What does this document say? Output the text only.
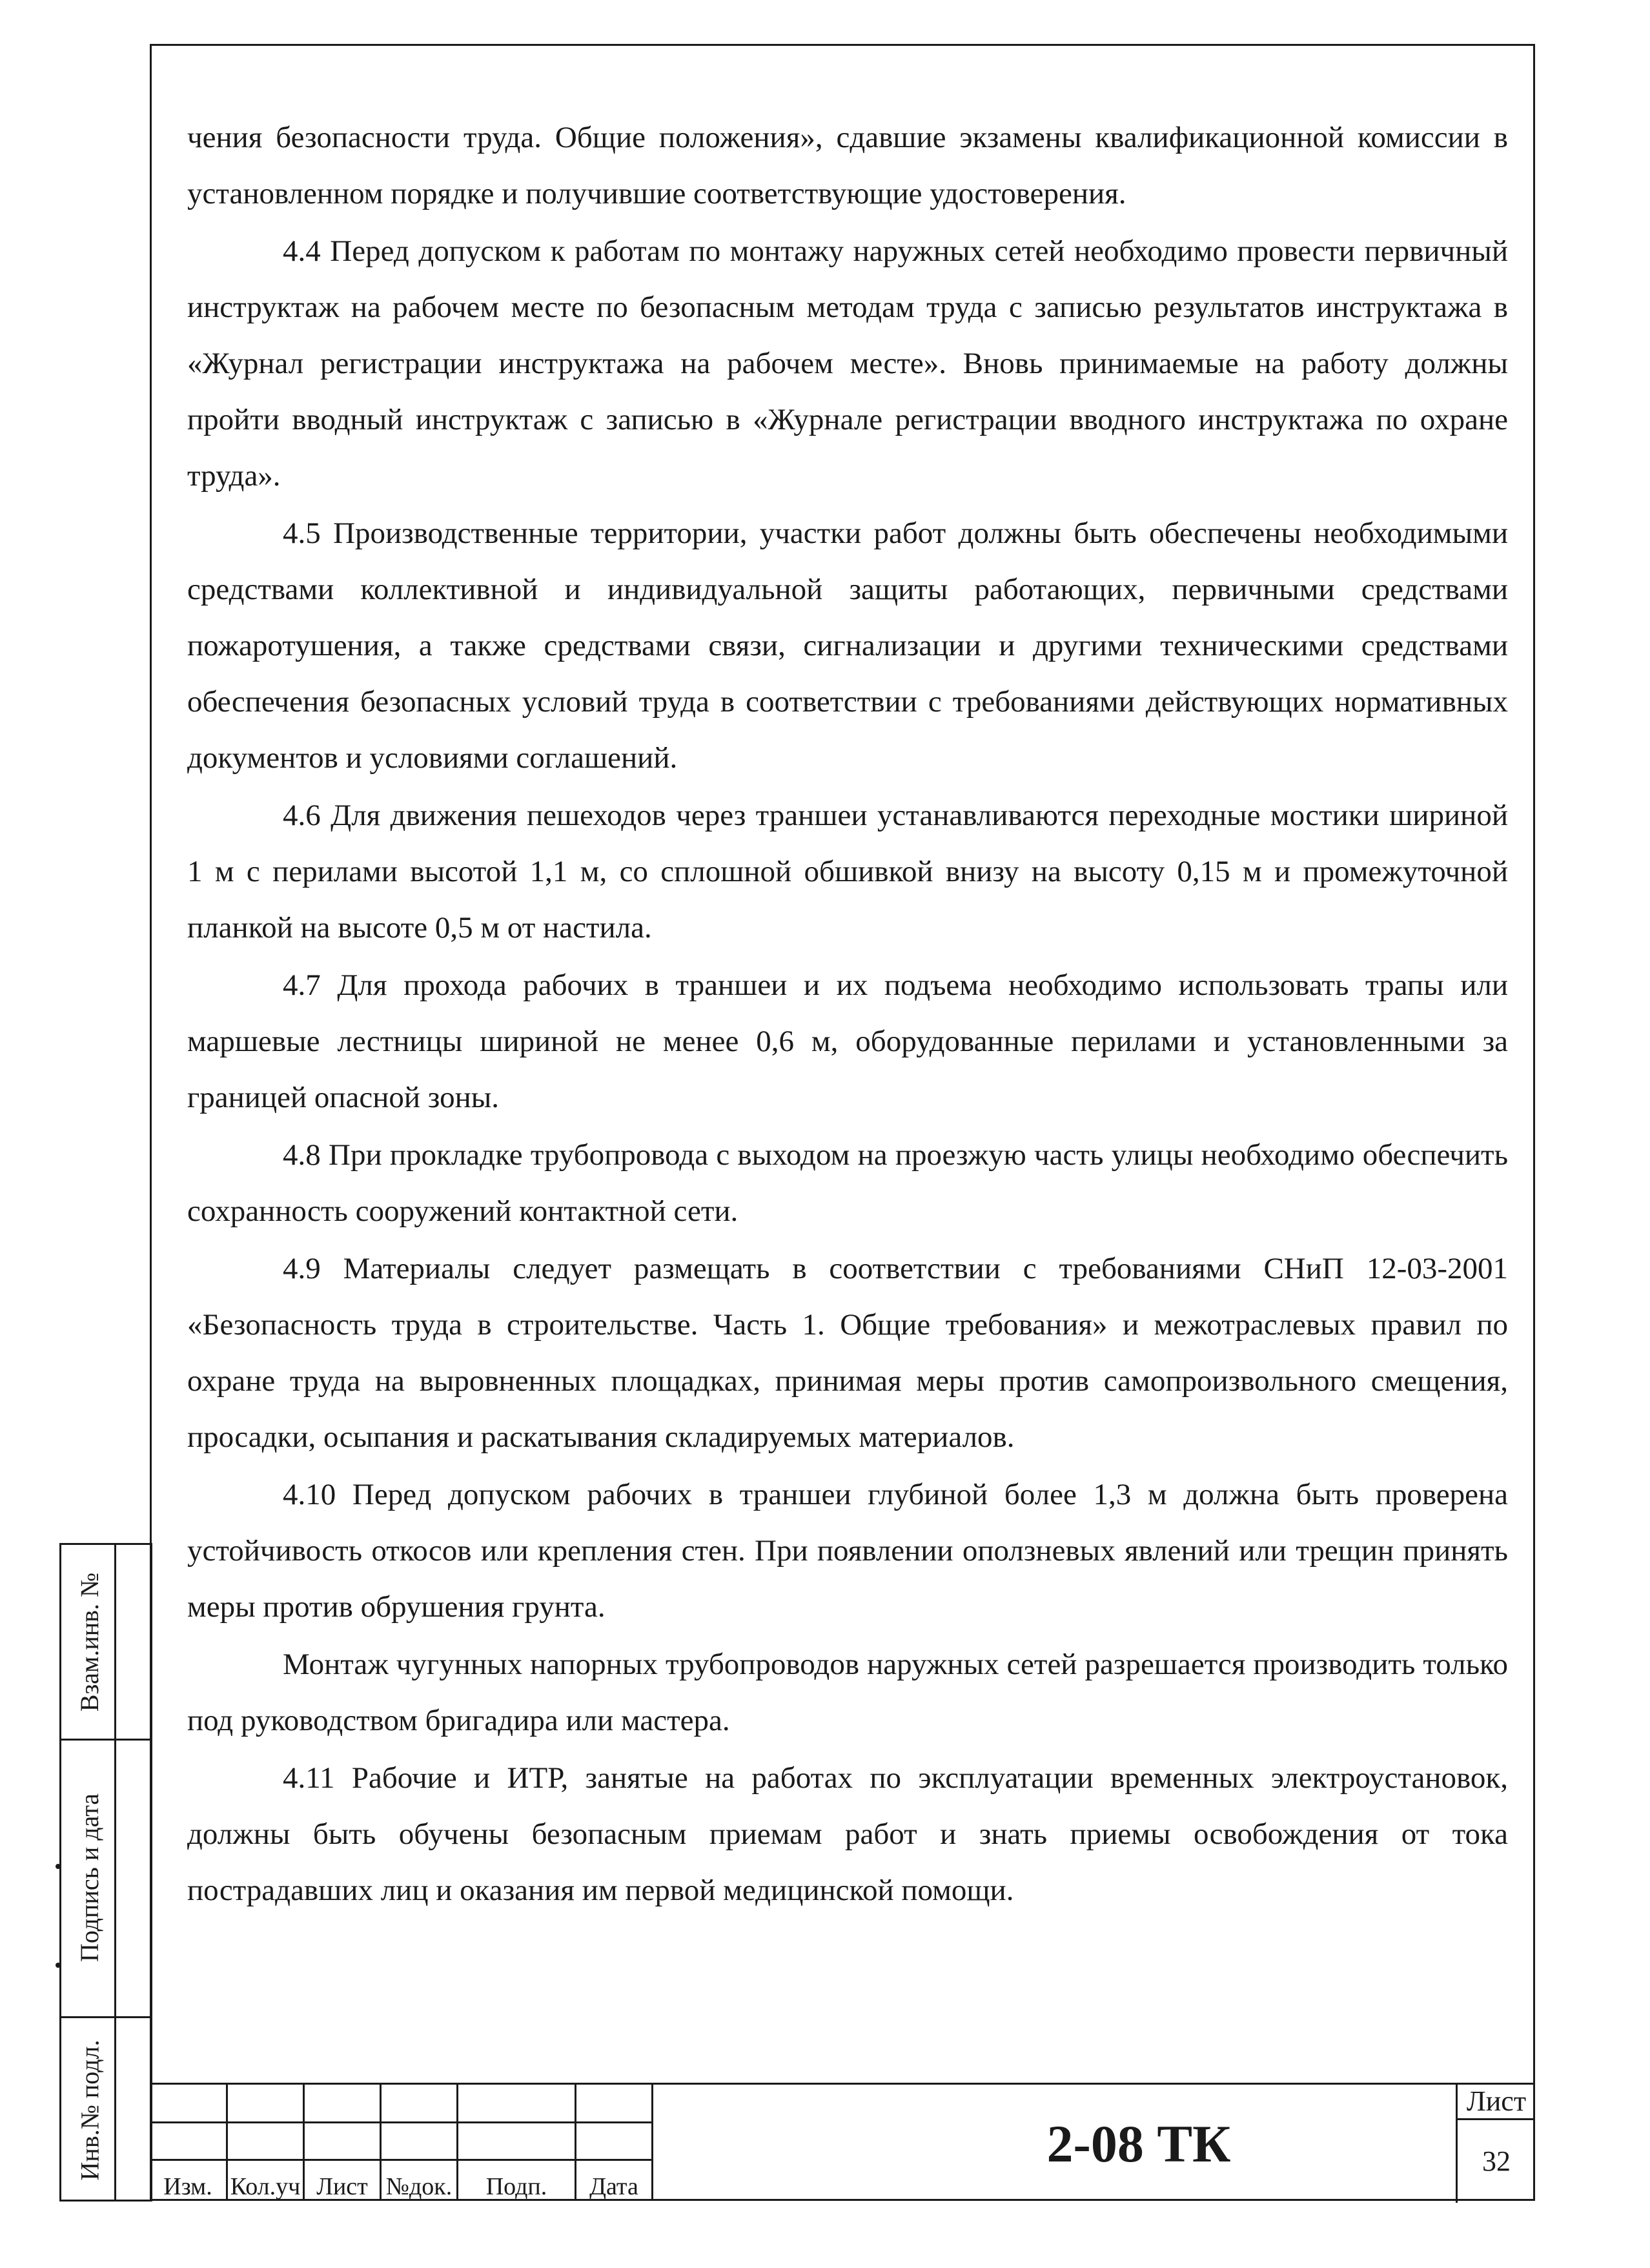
чения безопасности труда. Общие положения», сдавшие экзамены квалификационной комиссии в установленном порядке и получившие соответствующие удостоверения.

4.4 Перед допуском к работам по монтажу наружных сетей необходимо провести первичный инструктаж на рабочем месте по безопасным методам труда с записью результатов инструктажа в «Журнал регистрации инструктажа на рабочем месте». Вновь принимаемые на работу должны пройти вводный инструктаж с записью в «Журнале регистрации вводного инструктажа по охране труда».

4.5 Производственные территории, участки работ должны быть обеспечены необходимыми средствами коллективной и индивидуальной защиты работающих, первичными средствами пожаротушения, а также средствами связи, сигнализации и другими техническими средствами обеспечения безопасных условий труда в соответствии с требованиями действующих нормативных документов и условиями соглашений.

4.6 Для движения пешеходов через траншеи устанавливаются переходные мостики шириной 1 м с перилами высотой 1,1 м, со сплошной обшивкой внизу на высоту 0,15 м и промежуточной планкой на высоте 0,5 м от настила.

4.7 Для прохода рабочих в траншеи и их подъема необходимо использовать трапы или маршевые лестницы шириной не менее 0,6 м, оборудованные перилами и установленными за границей опасной зоны.

4.8 При прокладке трубопровода с выходом на проезжую часть улицы необходимо обеспечить сохранность сооружений контактной сети.

4.9 Материалы следует размещать в соответствии с требованиями СНиП 12-03-2001 «Безопасность труда в строительстве. Часть 1. Общие требования» и межотраслевых правил по охране труда на выровненных площадках, принимая меры против самопроизвольного смещения, просадки, осыпания и раскатывания складируемых материалов.

4.10 Перед допуском рабочих в траншеи глубиной более 1,3 м должна быть проверена устойчивость откосов или крепления стен. При появлении оползневых явлений или трещин принять меры против обрушения грунта.

Монтаж чугунных напорных трубопроводов наружных сетей разрешается производить только под руководством бригадира или мастера.

4.11 Рабочие и ИТР, занятые на работах по эксплуатации временных электроустановок, должны быть обучены безопасным приемам работ и знать приемы освобождения от тока пострадавших лиц и оказания им первой медицинской помощи.

Взам.инв. №
Подпись и дата
Инв.№ подл.

Изм.	Кол.уч	Лист	№док.	Подп.	Дата
2-08 ТК
Лист
32
